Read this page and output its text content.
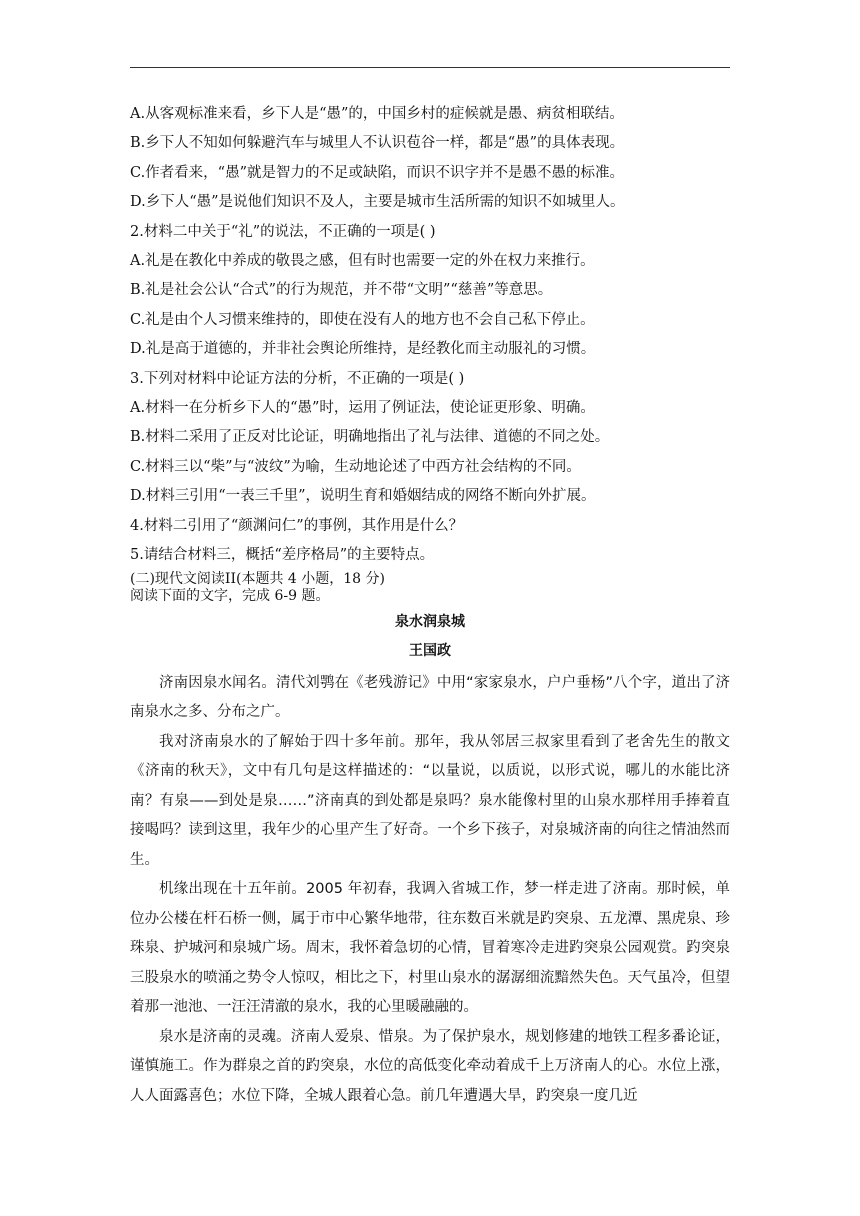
A.从客观标准来看，乡下人是“愚”的，中国乡村的症候就是愚、病贫相联结。
B.乡下人不知如何躲避汽车与城里人不认识苞谷一样，都是“愚”的具体表现。
C.作者看来，“愚”就是智力的不足或缺陷，而识不识字并不是愚不愚的标准。
D.乡下人“愚”是说他们知识不及人，主要是城市生活所需的知识不如城里人。
2.材料二中关于“礼”的说法，不正确的一项是( )
A.礼是在教化中养成的敬畏之感，但有时也需要一定的外在权力来推行。
B.礼是社会公认“合式”的行为规范，并不带“文明”“慈善”等意思。
C.礼是由个人习惯来维持的，即使在没有人的地方也不会自己私下停止。
D.礼是高于道德的，并非社会舆论所维持，是经教化而主动服礼的习惯。
3.下列对材料中论证方法的分析，不正确的一项是( )
A.材料一在分析乡下人的“愚”时，运用了例证法，使论证更形象、明确。
B.材料二采用了正反对比论证，明确地指出了礼与法律、道德的不同之处。
C.材料三以“柴”与“波纹”为喻，生动地论述了中西方社会结构的不同。
D.材料三引用“一表三千里”，说明生育和婚姻结成的网络不断向外扩展。
4.材料二引用了“颜渊问仁”的事例，其作用是什么？
5.请结合材料三，概括“差序格局”的主要特点。
(二)现代文阅读II(本题共 4 小题，18 分)
阅读下面的文字，完成 6-9 题。
泉水润泉城
王国政

济南因泉水闻名。清代刘鹗在《老残游记》中用“家家泉水，户户垂杨”八个字，道出了济南泉水之多、分布之广。

我对济南泉水的了解始于四十多年前。那年，我从邻居三叔家里看到了老舍先生的散文《济南的秋天》，文中有几句是这样描述的：“以量说，以质说，以形式说，哪儿的水能比济南？有泉——到处是泉……”济南真的到处都是泉吗？泉水能像村里的山泉水那样用手捧着直接喝吗？读到这里，我年少的心里产生了好奇。一个乡下孩子，对泉城济南的向往之情油然而生。

机缘出现在十五年前。2005 年初春，我调入省城工作，梦一样走进了济南。那时候，单位办公楼在杆石桥一侧，属于市中心繁华地带，往东数百米就是趵突泉、五龙潭、黑虎泉、珍珠泉、护城河和泉城广场。周末，我怀着急切的心情，冒着寒冷走进趵突泉公园观赏。趵突泉三股泉水的喷涌之势令人惊叹，相比之下，村里山泉水的潺潺细流黯然失色。天气虽冷，但望着那一池池、一汪汪清澈的泉水，我的心里暖融融的。

泉水是济南的灵魂。济南人爱泉、惜泉。为了保护泉水，规划修建的地铁工程多番论证，谨慎施工。作为群泉之首的趵突泉，水位的高低变化牵动着成千上万济南人的心。水位上涨，人人面露喜色；水位下降，全城人跟着心急。前几年遭遇大旱，趵突泉一度几近
